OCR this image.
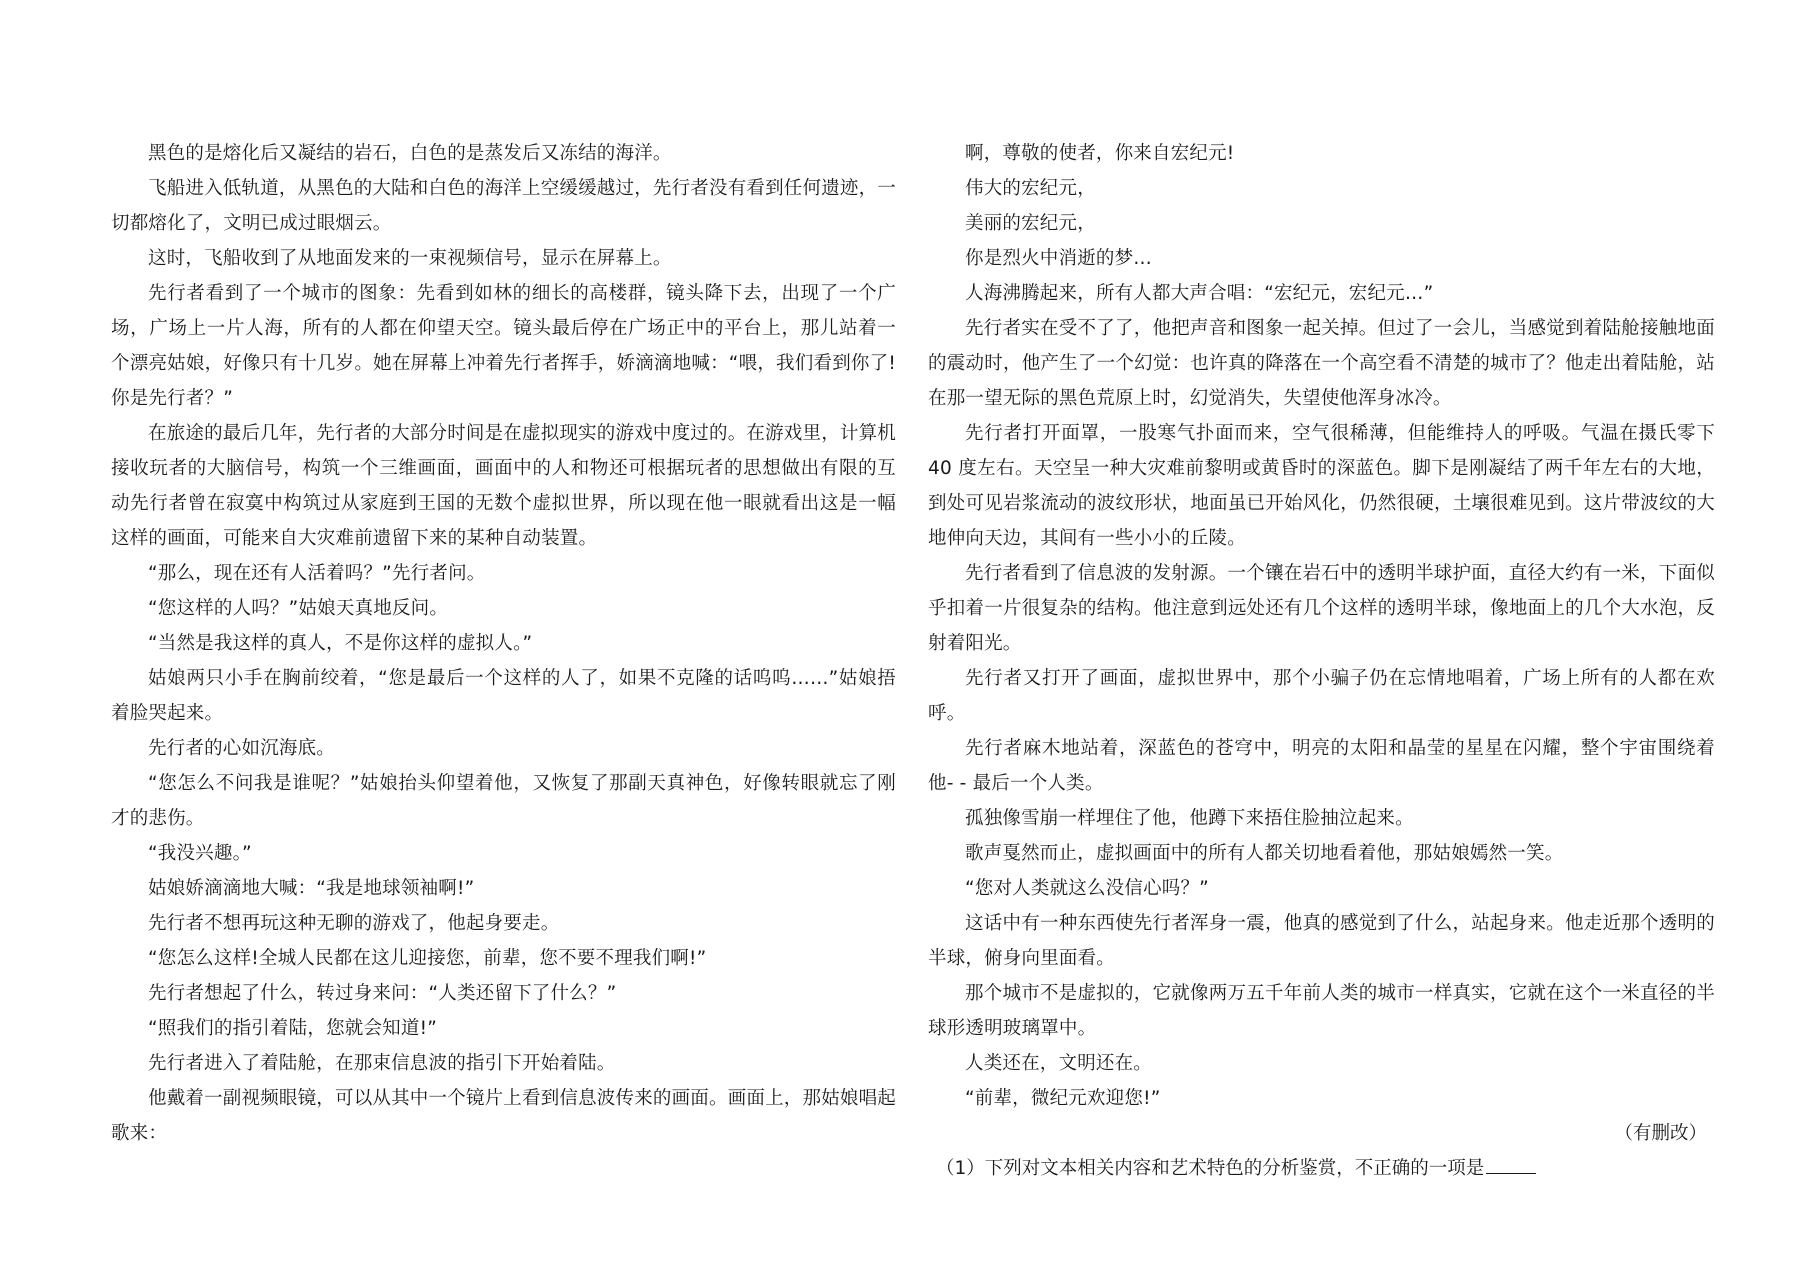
黑色的是熔化后又凝结的岩石，白色的是蒸发后又冻结的海洋。

飞船进入低轨道，从黑色的大陆和白色的海洋上空缓缓越过，先行者没有看到任何遗迹，一切都熔化了，文明已成过眼烟云。

这时，飞船收到了从地面发来的一束视频信号，显示在屏幕上。

先行者看到了一个城市的图象：先看到如林的细长的高楼群，镜头降下去，出现了一个广场，广场上一片人海，所有的人都在仰望天空。镜头最后停在广场正中的平台上，那儿站着一个漂亮姑娘，好像只有十几岁。她在屏幕上冲着先行者挥手，娇滴滴地喊：“喂，我们看到你了!你是先行者？”

在旅途的最后几年，先行者的大部分时间是在虚拟现实的游戏中度过的。在游戏里，计算机接收玩者的大脑信号，构筑一个三维画面，画面中的人和物还可根据玩者的思想做出有限的互动先行者曾在寂寞中构筑过从家庭到王国的无数个虚拟世界，所以现在他一眼就看出这是一幅这样的画面，可能来自大灾难前遗留下来的某种自动装置。

“那么，现在还有人活着吗？”先行者问。

“您这样的人吗？”姑娘天真地反问。

“当然是我这样的真人，不是你这样的虚拟人。”

姑娘两只小手在胸前绞着，“您是最后一个这样的人了，如果不克隆的话呜呜……”姑娘捂着脸哭起来。

先行者的心如沉海底。

“您怎么不问我是谁呢？”姑娘抬头仰望着他，又恢复了那副天真神色，好像转眼就忘了刚才的悲伤。

“我没兴趣。”

姑娘娇滴滴地大喊：“我是地球领袖啊!”

先行者不想再玩这种无聊的游戏了，他起身要走。

“您怎么这样!全城人民都在这儿迎接您，前辈，您不要不理我们啊!”

先行者想起了什么，转过身来问：“人类还留下了什么？”

“照我们的指引着陆，您就会知道!”

先行者进入了着陆舱，在那束信息波的指引下开始着陆。

他戴着一副视频眼镜，可以从其中一个镜片上看到信息波传来的画面。画面上，那姑娘唱起歌来：

啊，尊敬的使者，你来自宏纪元!

伟大的宏纪元，

美丽的宏纪元，

你是烈火中消逝的梦…

人海沸腾起来，所有人都大声合唱：“宏纪元，宏纪元…”

先行者实在受不了了，他把声音和图象一起关掉。但过了一会儿，当感觉到着陆舱接触地面的震动时，他产生了一个幻觉：也许真的降落在一个高空看不清楚的城市了？他走出着陆舱，站在那一望无际的黑色荒原上时，幻觉消失，失望使他浑身冰冷。

先行者打开面罩，一股寒气扑面而来，空气很稀薄，但能维持人的呼吸。气温在摄氏零下 40 度左右。天空呈一种大灾难前黎明或黄昏时的深蓝色。脚下是刚凝结了两千年左右的大地，到处可见岩浆流动的波纹形状，地面虽已开始风化，仍然很硬，土壤很难见到。这片带波纹的大地伸向天边，其间有一些小小的丘陵。

先行者看到了信息波的发射源。一个镶在岩石中的透明半球护面，直径大约有一米，下面似乎扣着一片很复杂的结构。他注意到远处还有几个这样的透明半球，像地面上的几个大水泡，反射着阳光。

先行者又打开了画面，虚拟世界中，那个小骗子仍在忘情地唱着，广场上所有的人都在欢呼。

先行者麻木地站着，深蓝色的苍穹中，明亮的太阳和晶莹的星星在闪耀，整个宇宙围绕着他- - 最后一个人类。

孤独像雪崩一样埋住了他，他蹲下来捂住脸抽泣起来。

歌声戛然而止，虚拟画面中的所有人都关切地看着他，那姑娘嫣然一笑。

“您对人类就这么没信心吗？”

这话中有一种东西使先行者浑身一震，他真的感觉到了什么，站起身来。他走近那个透明的半球，俯身向里面看。

那个城市不是虚拟的，它就像两万五千年前人类的城市一样真实，它就在这个一米直径的半球形透明玻璃罩中。

人类还在，文明还在。

“前辈，微纪元欢迎您!”

（有删改）

（1）下列对文本相关内容和艺术特色的分析鉴赏，不正确的一项是
